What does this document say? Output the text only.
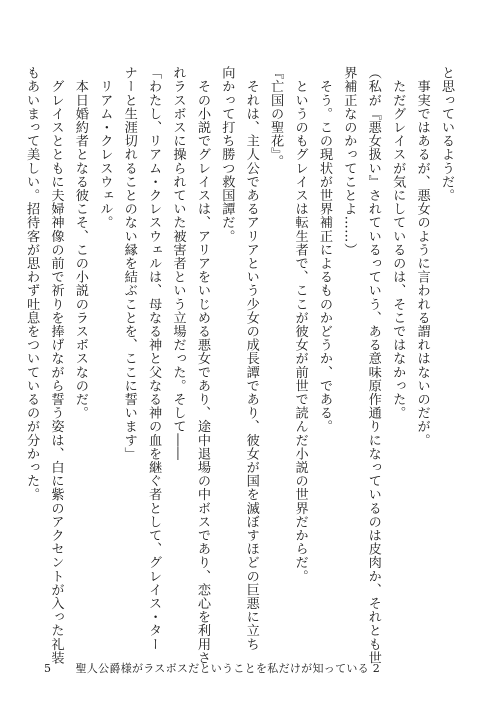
と思っているようだ。
　事実ではあるが、悪女のように言われる謂れはないのだが。
　ただグレイスが気にしているのは、そこではなかった。
（私が『悪女扱い』されているっていう、ある意味原作通りになっているのは皮肉か、それとも世
界補正なのかってことよ……）
　そう。この現状が世界補正によるものかどうか、である。
　というのもグレイスは転生者で、ここが彼女が前世で読んだ小説の世界だからだ。
『亡国の聖花』。
　それは、主人公であるアリアという少女の成長譚であり、彼女が国を滅ぼすほどの巨悪に立ち
向かって打ち勝つ救国譚だ。
　その小説でグレイスは、アリアをいじめる悪女であり、途中退場の中ボスであり、恋心を利用さ
れラスボスに操られていた被害者という立場だった。そして――
「わたし、リアム・クレスウェルは、母なる神と父なる神の血を継ぐ者として、グレイス・ター
ナーと生涯切れることのない縁を結ぶことを、ここに誓います」
　リアム・クレスウェル。
　本日婚約者となる彼こそ、この小説のラスボスなのだ。
　グレイスとともに夫婦神像の前で祈りを捧げながら誓う姿は、白に紫のアクセントが入った礼装
もあいまって美しい。招待客が思わず吐息をついているのが分かった。
5 聖人公爵様がラスボスだということを私だけが知っている 2
